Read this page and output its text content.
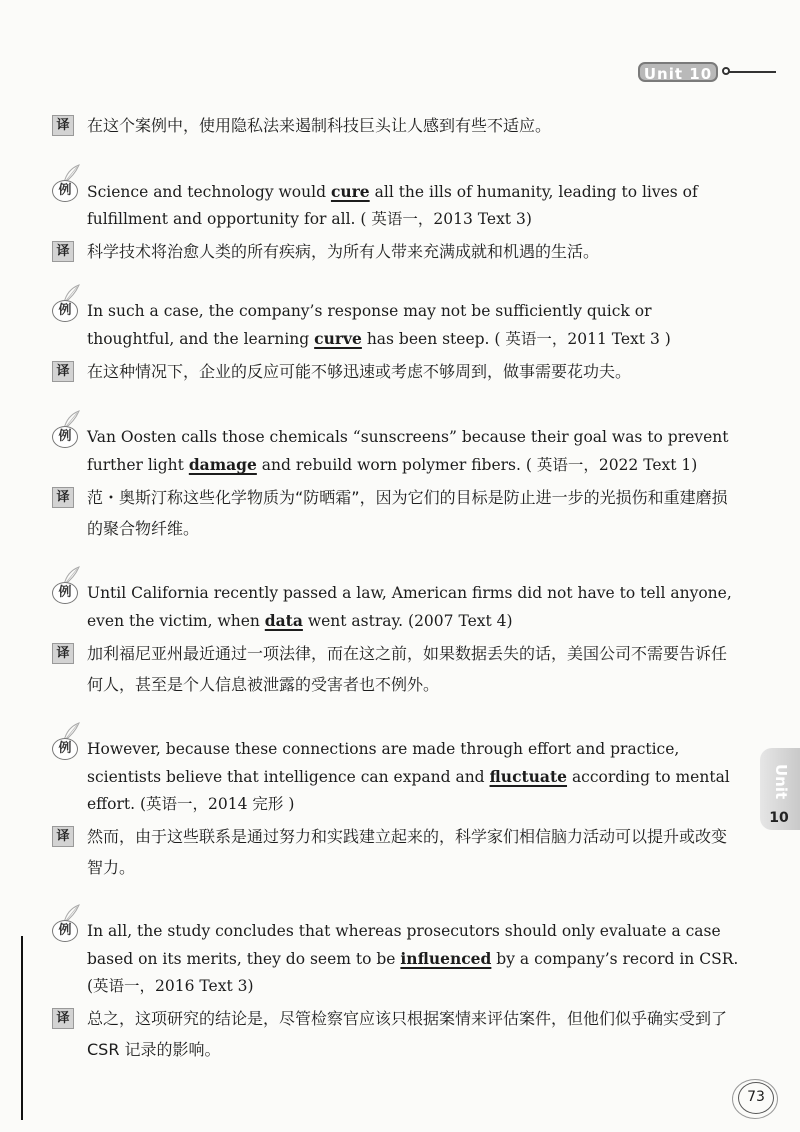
Unit 10
Unit
10
译 在这个案例中，使用隐私法来遏制科技巨头让人感到有些不适应。
例	Science and technology would cure all the ills of humanity, leading to lives of fulfillment and opportunity for all. ( 英语一，2013 Text 3)
译 科学技术将治愈人类的所有疾病，为所有人带来充满成就和机遇的生活。
例	In such a case, the company’s response may not be sufficiently quick or thoughtful, and the learning curve has been steep. ( 英语一，2011 Text 3 )
译 在这种情况下，企业的反应可能不够迅速或考虑不够周到，做事需要花功夫。
例	Van Oosten calls those chemicals “sunscreens” because their goal was to prevent further light damage and rebuild worn polymer fibers. ( 英语一，2022 Text 1)
译 范・奥斯汀称这些化学物质为“防晒霜”，因为它们的目标是防止进一步的光损伤和重建磨损的聚合物纤维。
例	Until California recently passed a law, American firms did not have to tell anyone, even the victim, when data went astray. (2007 Text 4)
译 加利福尼亚州最近通过一项法律，而在这之前，如果数据丢失的话，美国公司不需要告诉任何人，甚至是个人信息被泄露的受害者也不例外。
例	However, because these connections are made through effort and practice, scientists believe that intelligence can expand and fluctuate according to mental effort. (英语一，2014 完形 )
译 然而，由于这些联系是通过努力和实践建立起来的，科学家们相信脑力活动可以提升或改变智力。
例	In all, the study concludes that whereas prosecutors should only evaluate a case based on its merits, they do seem to be influenced by a company’s record in CSR. (英语一，2016 Text 3)
译 总之，这项研究的结论是，尽管检察官应该只根据案情来评估案件，但他们似乎确实受到了 CSR 记录的影响。
73
